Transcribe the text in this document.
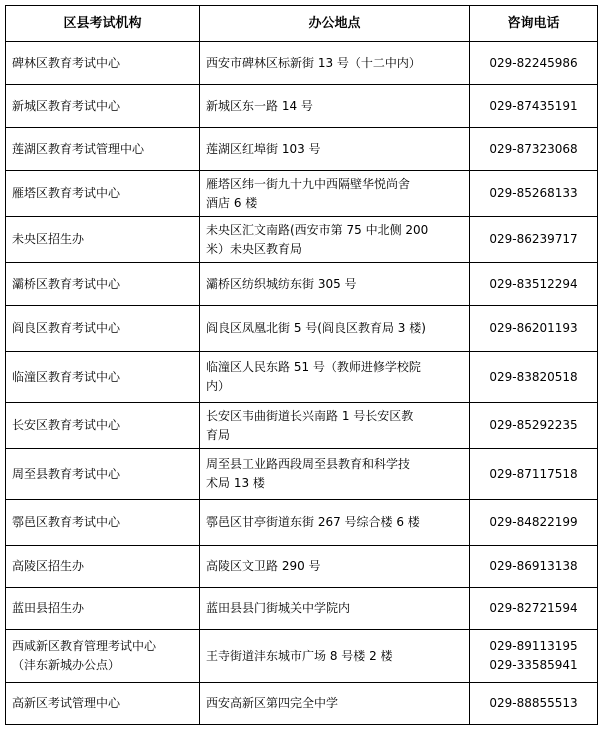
区县考试机构	办公地点	咨询电话

碑林区教育考试中心	西安市碑林区标新街 13 号（十二中内）	029-82245986

新城区教育考试中心	新城区东一路 14 号	029-87435191

莲湖区教育考试管理中心	莲湖区红埠街 103 号	029-87323068

雁塔区教育考试中心	雁塔区纬一街九十九中西隔壁华悦尚舍
酒店 6 楼	029-85268133

未央区招生办	未央区汇文南路(西安市第 75 中北侧 200
米）未央区教育局	029-86239717

灞桥区教育考试中心	灞桥区纺织城纺东街 305 号	029-83512294

阎良区教育考试中心	阎良区凤凰北街 5 号(阎良区教育局 3 楼)	029-86201193

临潼区教育考试中心	临潼区人民东路 51 号（教师进修学校院
内）	029-83820518

长安区教育考试中心	长安区韦曲街道长兴南路 1 号长安区教
育局	029-85292235

周至县教育考试中心	周至县工业路西段周至县教育和科学技
术局 13 楼	029-87117518

鄠邑区教育考试中心	鄠邑区甘亭街道东街 267 号综合楼 6 楼	029-84822199

高陵区招生办	高陵区文卫路 290 号	029-86913138

蓝田县招生办	蓝田县县门街城关中学院内	029-82721594

西咸新区教育管理考试中心
（沣东新城办公点）	王寺街道沣东城市广场 8 号楼 2 楼	029-89113195
029-33585941

高新区考试管理中心	西安高新区第四完全中学	029-88855513
